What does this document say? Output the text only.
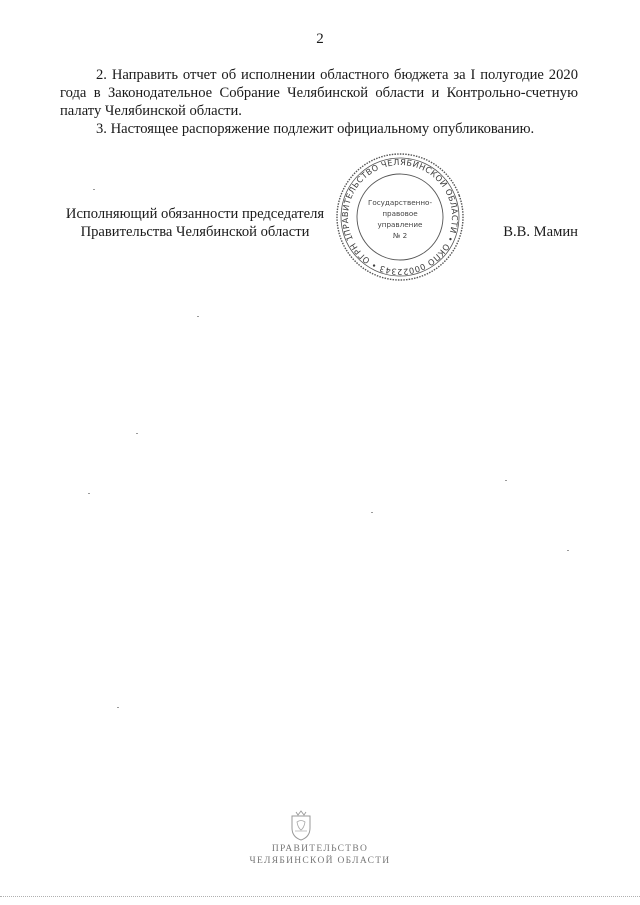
2

2. Направить отчет об исполнении областного бюджета за I полугодие 2020 года в Законодательное Собрание Челябинской области и Контрольно-счетную палату Челябинской области.

3. Настоящее распоряжение подлежит официальному опубликованию.

Исполняющий обязанности председателя
Правительства Челябинской области	В.В. Мамин
ПРАВИТЕЛЬСТВО ЧЕЛЯБИНСКОЙ ОБЛАСТИ • ОКПО 00022343 • ОГРН 1027403882210
Государственно-
правовое
управление
№ 2
ПРАВИТЕЛЬСТВО
ЧЕЛЯБИНСКОЙ ОБЛАСТИ
